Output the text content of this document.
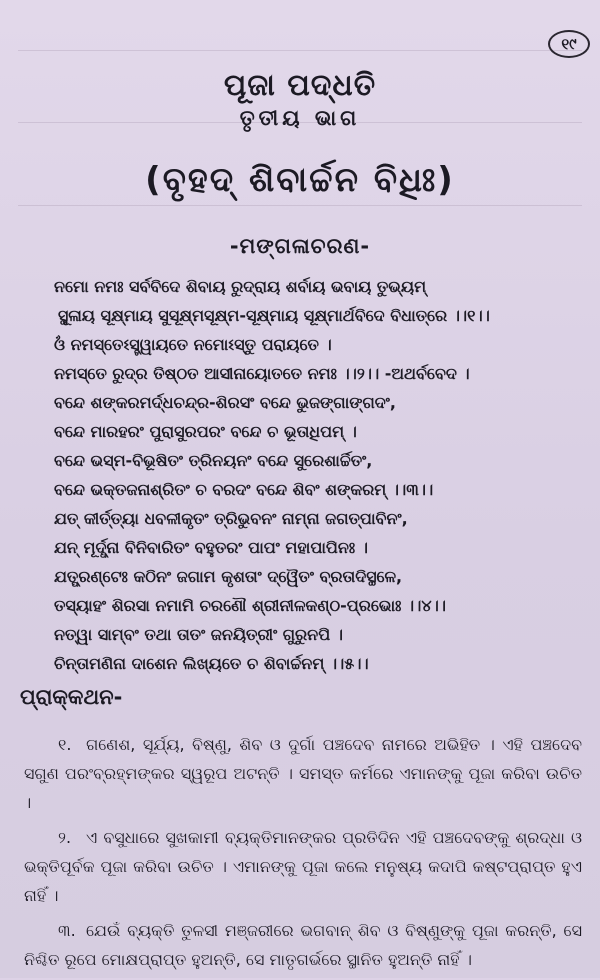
୧୯
ପୂଜା ପଦ୍ଧତି
ତୃତୀୟ ଭାଗ
(ବୃହଦ୍ ଶିବାର୍ଚ୍ଚନ ବିଧିଃ)
-ମଙ୍ଗଳାଚରଣ-
ନମୋ ନମଃ ସର୍ବବିଦେ ଶିବାୟ ରୁଦ୍ରାୟ ଶର୍ବାୟ ଭବାୟ ତୁଭ୍ୟମ୍
ସ୍ଥୂଳାୟ ସୂକ୍ଷ୍ମାୟ ସୁସୂକ୍ଷ୍ମସୂକ୍ଷ୍ମ-ସୂକ୍ଷ୍ମାୟ ସୂକ୍ଷ୍ମାର୍ଥବିଦେ ବିଧାତ୍ରେ ।।୧।।
ଓଁ ନମସ୍ତେଽସ୍ତ୍ୱାୟତେ ନମୋଽସ୍ତୁ ପରାୟତେ ।
ନମସ୍ତେ ରୁଦ୍ର ତିଷ୍ଠତ ଆସୀନାୟୋତତେ ନମଃ ।।୨।। -ଅଥର୍ବବେଦ ।
ବନ୍ଦେ ଶଙ୍କରମର୍ଦ୍ଧଚନ୍ଦ୍ର-ଶିରସଂ ବନ୍ଦେ ଭୁଜଙ୍ଗାଙ୍ଗଦଂ,
ବନ୍ଦେ ମାରହରଂ ପୁରାସୁରପରଂ ବନ୍ଦେ ଚ ଭୂତାଧିପମ୍ ।
ବନ୍ଦେ ଭସ୍ମ-ବିଭୂଷିତଂ ତ୍ରିନୟନଂ ବନ୍ଦେ ସୁରେଶାର୍ଚ୍ଚିତଂ,
ବନ୍ଦେ ଭକ୍ତଜନାଶ୍ରିତଂ ଚ ବରଦଂ ବନ୍ଦେ ଶିବଂ ଶଙ୍କରମ୍ ।।୩।।
ଯତ୍ କୀର୍ତ୍ତ୍ୟା ଧବଳୀକୃତଂ ତ୍ରିଭୁବନଂ ନାମ୍ନା ଜଗତ୍ପାବିନଂ,
ଯନ୍ ମୂର୍ଦ୍ଧ୍ନା ବିନିବାରିତଂ ବହୁତରଂ ପାପଂ ମହାପାପିନଃ ।
ଯତ୍ପ୍ରଣ୍ଟେଃ କଠିନଂ ଜଗାମ କୃଶତାଂ ଦ୍ୱୈତଂ ବ୍ରତାଦିସ୍ଥଳେ,
ତସ୍ୟାହଂ ଶିରସା ନମାମି ଚରଣୌ ଶ୍ରୀନୀଳକଣ୍ଠ-ପ୍ରଭୋଃ ।।୪।।
ନତ୍ୱା ସାମ୍ବଂ ତଥା ତାତଂ ଜନୟିତ୍ରୀଂ ଗୁରୁନପି ।
ଚିନ୍ତାମଣିନା ଦାଶେନ ଲିଖ୍ୟତେ ଚ ଶିବାର୍ଚ୍ଚନମ୍ ।।୫।।
ପ୍ରାକ୍କଥନ-

୧. ଗଣେଶ, ସୂର୍ଯ୍ୟ, ବିଷ୍ଣୁ, ଶିବ ଓ ଦୁର୍ଗା ପଞ୍ଚଦେବ ନାମରେ ଅଭିହିତ । ଏହି ପଞ୍ଚଦେବ ସଗୁଣ ପରଂବ୍ରହ୍ମଙ୍କର ସ୍ୱରୂପ ଅଟନ୍ତି । ସମସ୍ତ କର୍ମରେ ଏମାନଙ୍କୁ ପୂଜା କରିବା ଉଚିତ ।

୨. ଏ ବସୁଧାରେ ସୁଖକାମୀ ବ୍ୟକ୍ତିମାନଙ୍କର ପ୍ରତିଦିନ ଏହି ପଞ୍ଚଦେବଙ୍କୁ ଶ୍ରଦ୍ଧା ଓ ଭକ୍ତିପୂର୍ବକ ପୂଜା କରିବା ଉଚିତ । ଏମାନଙ୍କୁ ପୂଜା କଲେ ମନୁଷ୍ୟ କଦାପି କଷ୍ଟପ୍ରାପ୍ତ ହୁଏ ନାହିଁ ।

୩. ଯେଉଁ ବ୍ୟକ୍ତି ତୁଳସୀ ମଞ୍ଜରୀରେ ଭଗବାନ୍ ଶିବ ଓ ବିଷ୍ଣୁଙ୍କୁ ପୂଜା କରନ୍ତି, ସେ ନିଶ୍ଚିତ ରୂପେ ମୋକ୍ଷପ୍ରାପ୍ତ ହୁଅନ୍ତି, ସେ ମାତୃଗର୍ଭରେ ସ୍ଥାନିତ ହୁଅନ୍ତି ନାହିଁ ।
